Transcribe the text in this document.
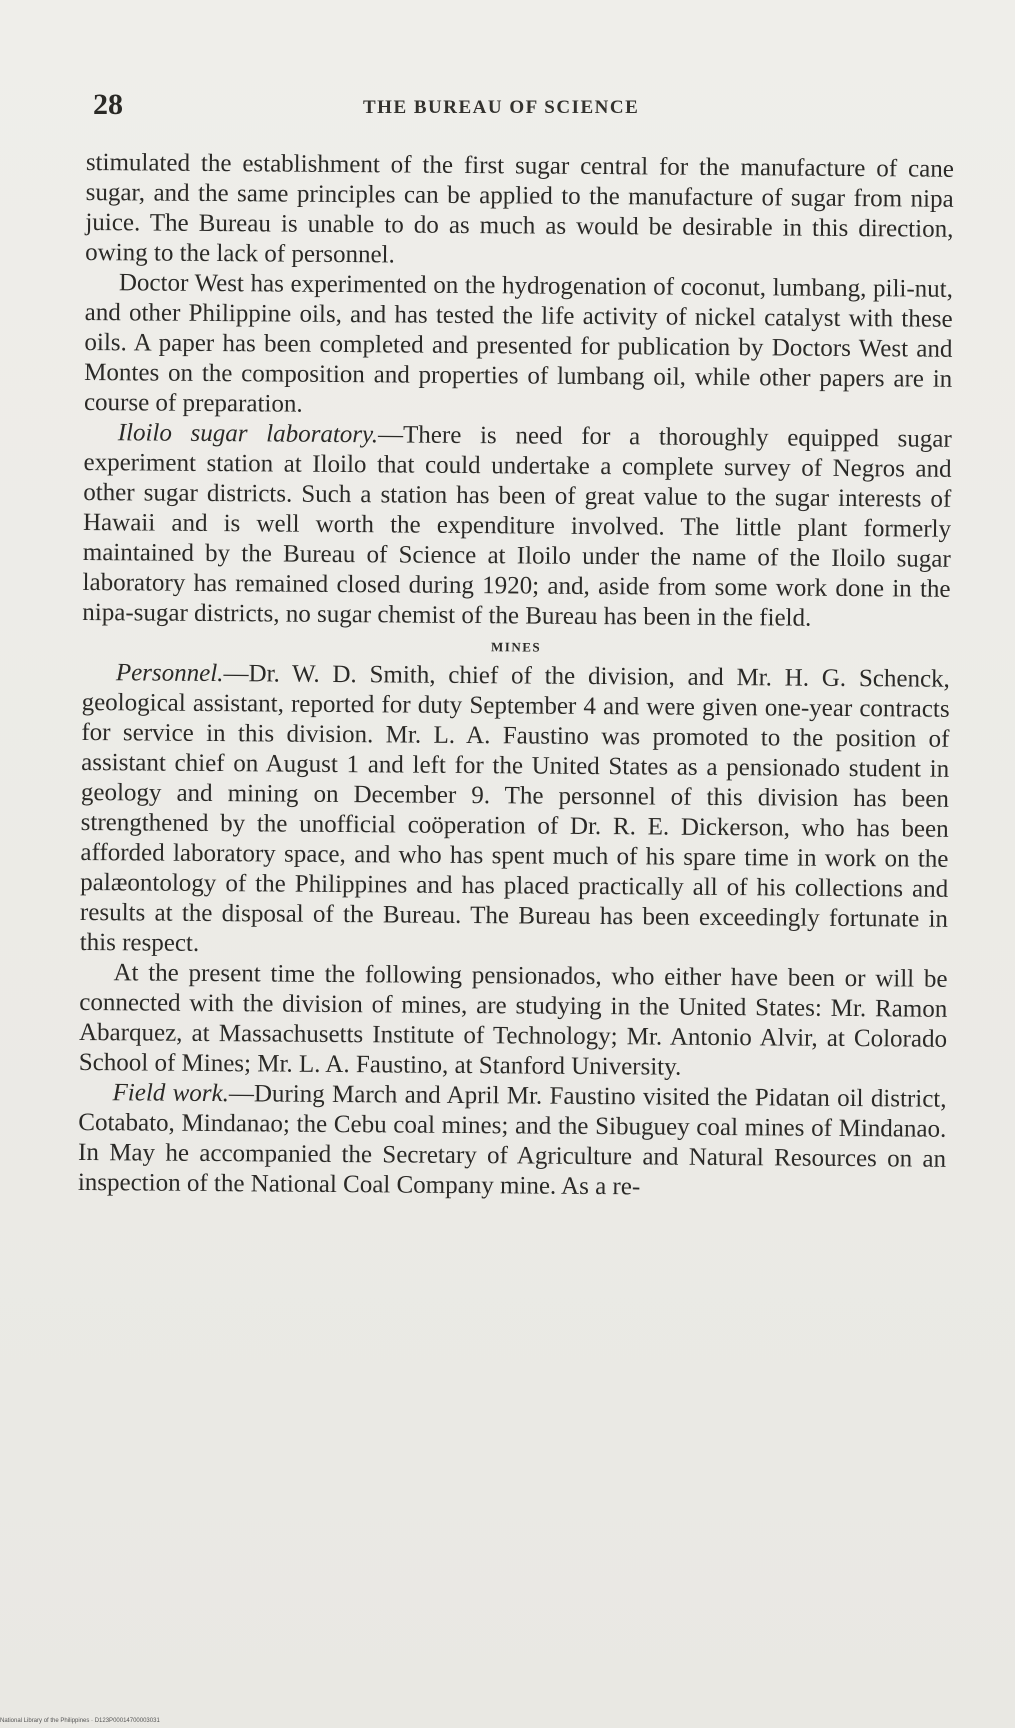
28	THE BUREAU OF SCIENCE

stimulated the establishment of the first sugar central for the manufacture of cane sugar, and the same principles can be applied to the manufacture of sugar from nipa juice. The Bureau is unable to do as much as would be desirable in this direction, owing to the lack of personnel.

Doctor West has experimented on the hydrogenation of coconut, lumbang, pili-nut, and other Philippine oils, and has tested the life activity of nickel catalyst with these oils. A paper has been completed and presented for publication by Doctors West and Montes on the composition and properties of lumbang oil, while other papers are in course of preparation.

Iloilo sugar laboratory.—There is need for a thoroughly equipped sugar experiment station at Iloilo that could undertake a complete survey of Negros and other sugar districts. Such a station has been of great value to the sugar interests of Hawaii and is well worth the expenditure involved. The little plant formerly maintained by the Bureau of Science at Iloilo under the name of the Iloilo sugar laboratory has remained closed during 1920; and, aside from some work done in the nipa-sugar districts, no sugar chemist of the Bureau has been in the field.

MINES

Personnel.—Dr. W. D. Smith, chief of the division, and Mr. H. G. Schenck, geological assistant, reported for duty September 4 and were given one-year contracts for service in this division. Mr. L. A. Faustino was promoted to the position of assistant chief on August 1 and left for the United States as a pensionado student in geology and mining on December 9. The personnel of this division has been strengthened by the unofficial coöperation of Dr. R. E. Dickerson, who has been afforded laboratory space, and who has spent much of his spare time in work on the palæontology of the Philippines and has placed practically all of his collections and results at the disposal of the Bureau. The Bureau has been exceedingly fortunate in this respect.

At the present time the following pensionados, who either have been or will be connected with the division of mines, are studying in the United States: Mr. Ramon Abarquez, at Massachusetts Institute of Technology; Mr. Antonio Alvir, at Colorado School of Mines; Mr. L. A. Faustino, at Stanford University.

Field work.—During March and April Mr. Faustino visited the Pidatan oil district, Cotabato, Mindanao; the Cebu coal mines; and the Sibuguey coal mines of Mindanao. In May he accompanied the Secretary of Agriculture and Natural Resources on an inspection of the National Coal Company mine. As a re-

National Library of the Philippines · D123P00014700003031
